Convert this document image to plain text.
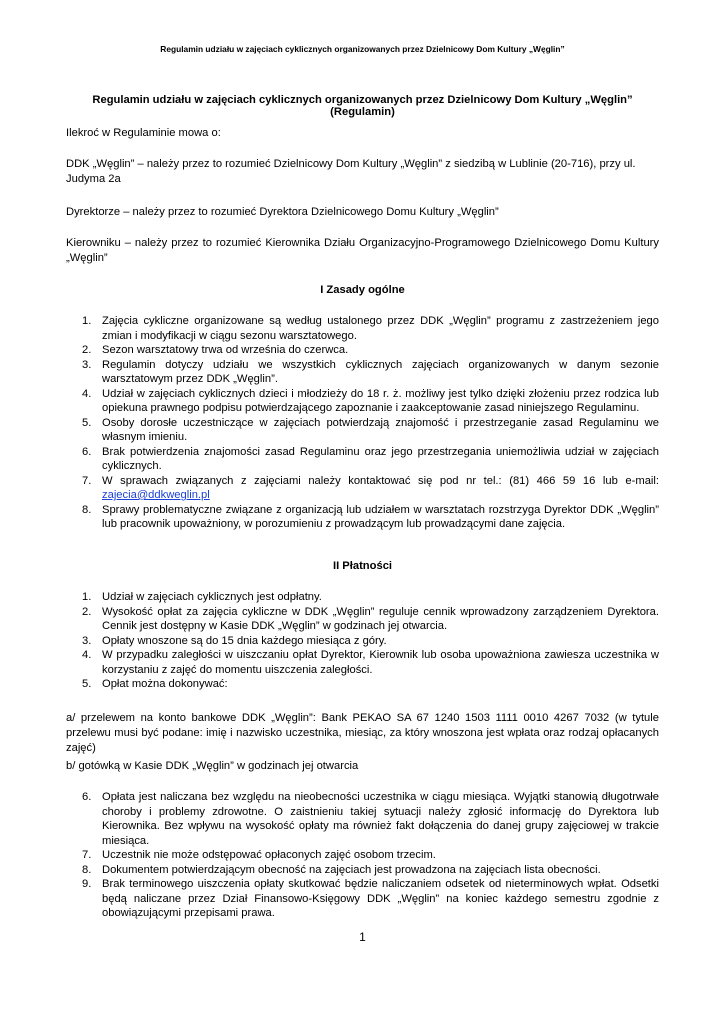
Regulamin udziału w zajęciach cyklicznych organizowanych przez Dzielnicowy Dom Kultury „Węglin”
Regulamin udziału w zajęciach cyklicznych organizowanych przez Dzielnicowy Dom Kultury „Węglin” (Regulamin)
Ilekroć w Regulaminie mowa o:
DDK „Węglin” – należy przez to rozumieć Dzielnicowy Dom Kultury „Węglin” z siedzibą w Lublinie (20-716), przy ul. Judyma 2a
Dyrektorze – należy przez to rozumieć Dyrektora Dzielnicowego Domu Kultury „Węglin”
Kierowniku – należy przez to rozumieć Kierownika Działu Organizacyjno-Programowego Dzielnicowego Domu Kultury „Węglin”
I Zasady ogólne
1. Zajęcia cykliczne organizowane są według ustalonego przez DDK „Węglin” programu z zastrzeżeniem jego zmian i modyfikacji w ciągu sezonu warsztatowego.
2. Sezon warsztatowy trwa od września do czerwca.
3. Regulamin dotyczy udziału we wszystkich cyklicznych zajęciach organizowanych w danym sezonie warsztatowym przez DDK „Węglin”.
4. Udział w zajęciach cyklicznych dzieci i młodzieży do 18 r. ż. możliwy jest tylko dzięki złożeniu przez rodzica lub opiekuna prawnego podpisu potwierdzającego zapoznanie i zaakceptowanie zasad niniejszego Regulaminu.
5. Osoby dorosłe uczestniczące w zajęciach potwierdzają znajomość i przestrzeganie zasad Regulaminu we własnym imieniu.
6. Brak potwierdzenia znajomości zasad Regulaminu oraz jego przestrzegania uniemożliwia udział w zajęciach cyklicznych.
7. W sprawach związanych z zajęciami należy kontaktować się pod nr tel.: (81) 466 59 16 lub e-mail: zajecia@ddkweglin.pl
8. Sprawy problematyczne związane z organizacją lub udziałem w warsztatach rozstrzyga Dyrektor DDK „Węglin” lub pracownik upoważniony, w porozumieniu z prowadzącym lub prowadzącymi dane zajęcia.
II Płatności
1. Udział w zajęciach cyklicznych jest odpłatny.
2. Wysokość opłat za zajęcia cykliczne w DDK „Węglin” reguluje cennik wprowadzony zarządzeniem Dyrektora. Cennik jest dostępny w Kasie DDK „Węglin” w godzinach jej otwarcia.
3. Opłaty wnoszone są do 15 dnia każdego miesiąca z góry.
4. W przypadku zaległości w uiszczaniu opłat Dyrektor, Kierownik lub osoba upoważniona zawiesza uczestnika w korzystaniu z zajęć do momentu uiszczenia zaległości.
5. Opłat można dokonywać:
a/ przelewem na konto bankowe DDK „Węglin”: Bank PEKAO SA 67 1240 1503 1111 0010 4267 7032 (w tytule przelewu musi być podane: imię i nazwisko uczestnika, miesiąc, za który wnoszona jest wpłata oraz rodzaj opłacanych zajęć)
b/ gotówką w Kasie DDK „Węglin” w godzinach jej otwarcia
6. Opłata jest naliczana bez względu na nieobecności uczestnika w ciągu miesiąca. Wyjątki stanowią długotrwałe choroby i problemy zdrowotne. O zaistnieniu takiej sytuacji należy zgłosić informację do Dyrektora lub Kierownika. Bez wpływu na wysokość opłaty ma również fakt dołączenia do danej grupy zajęciowej w trakcie miesiąca.
7. Uczestnik nie może odstępować opłaconych zajęć osobom trzecim.
8. Dokumentem potwierdzającym obecność na zajęciach jest prowadzona na zajęciach lista obecności.
9. Brak terminowego uiszczenia opłaty skutkować będzie naliczaniem odsetek od nieterminowych wpłat. Odsetki będą naliczane przez Dział Finansowo-Księgowy DDK „Węglin” na koniec każdego semestru zgodnie z obowiązującymi przepisami prawa.
1
